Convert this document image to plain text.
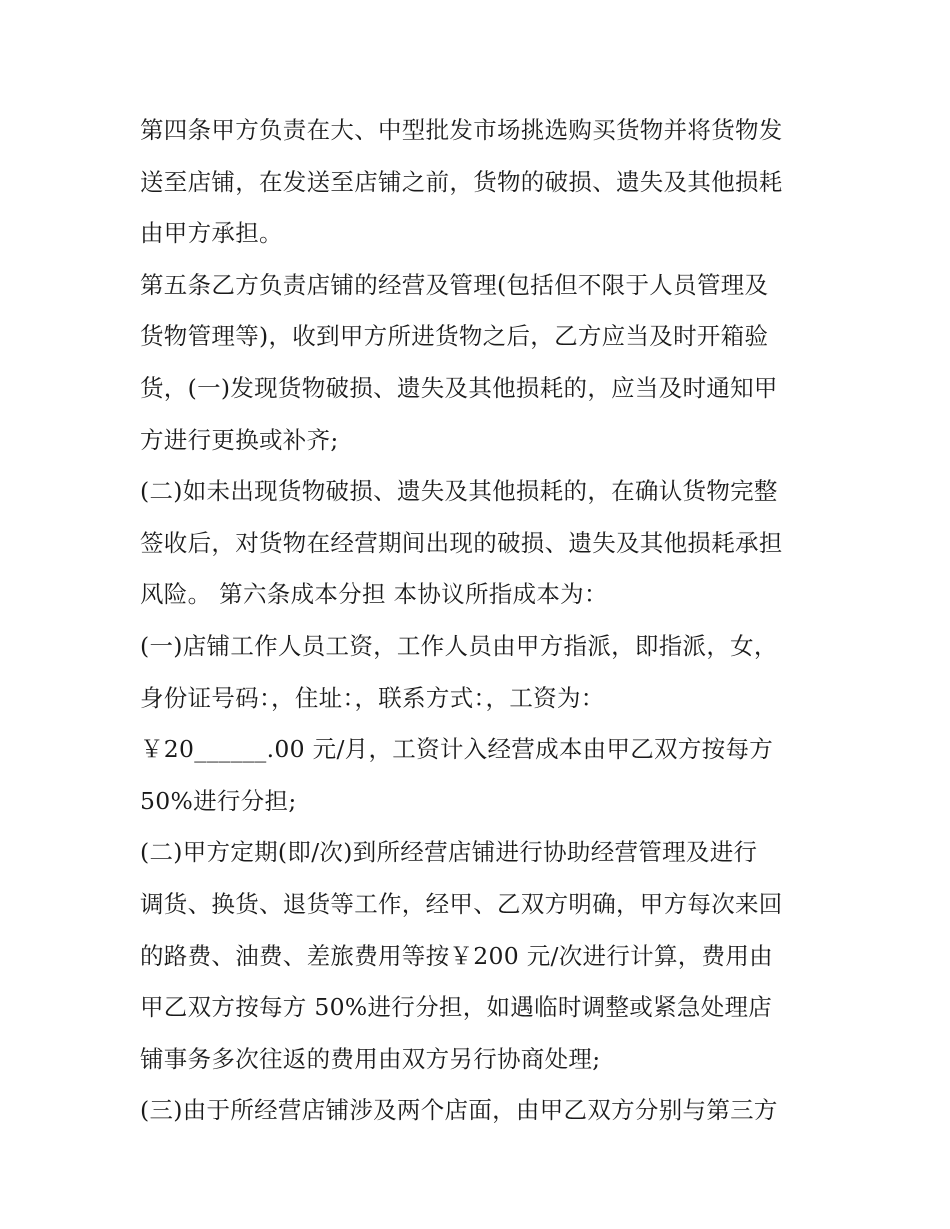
第四条甲方负责在大、中型批发市场挑选购买货物并将货物发
送至店铺，在发送至店铺之前，货物的破损、遗失及其他损耗
由甲方承担。
第五条乙方负责店铺的经营及管理(包括但不限于人员管理及
货物管理等)，收到甲方所进货物之后，乙方应当及时开箱验
货，(一)发现货物破损、遗失及其他损耗的，应当及时通知甲
方进行更换或补齐;
(二)如未出现货物破损、遗失及其他损耗的，在确认货物完整
签收后，对货物在经营期间出现的破损、遗失及其他损耗承担
风险。 第六条成本分担 本协议所指成本为：
(一)店铺工作人员工资，工作人员由甲方指派，即指派，女，
身份证号码：，住址：，联系方式：，工资为：
￥20______.00 元/月，工资计入经营成本由甲乙双方按每方
50%进行分担;
(二)甲方定期(即/次)到所经营店铺进行协助经营管理及进行
调货、换货、退货等工作，经甲、乙双方明确，甲方每次来回
的路费、油费、差旅费用等按￥200 元/次进行计算，费用由
甲乙双方按每方 50%进行分担，如遇临时调整或紧急处理店
铺事务多次往返的费用由双方另行协商处理;
(三)由于所经营店铺涉及两个店面，由甲乙双方分别与第三方
